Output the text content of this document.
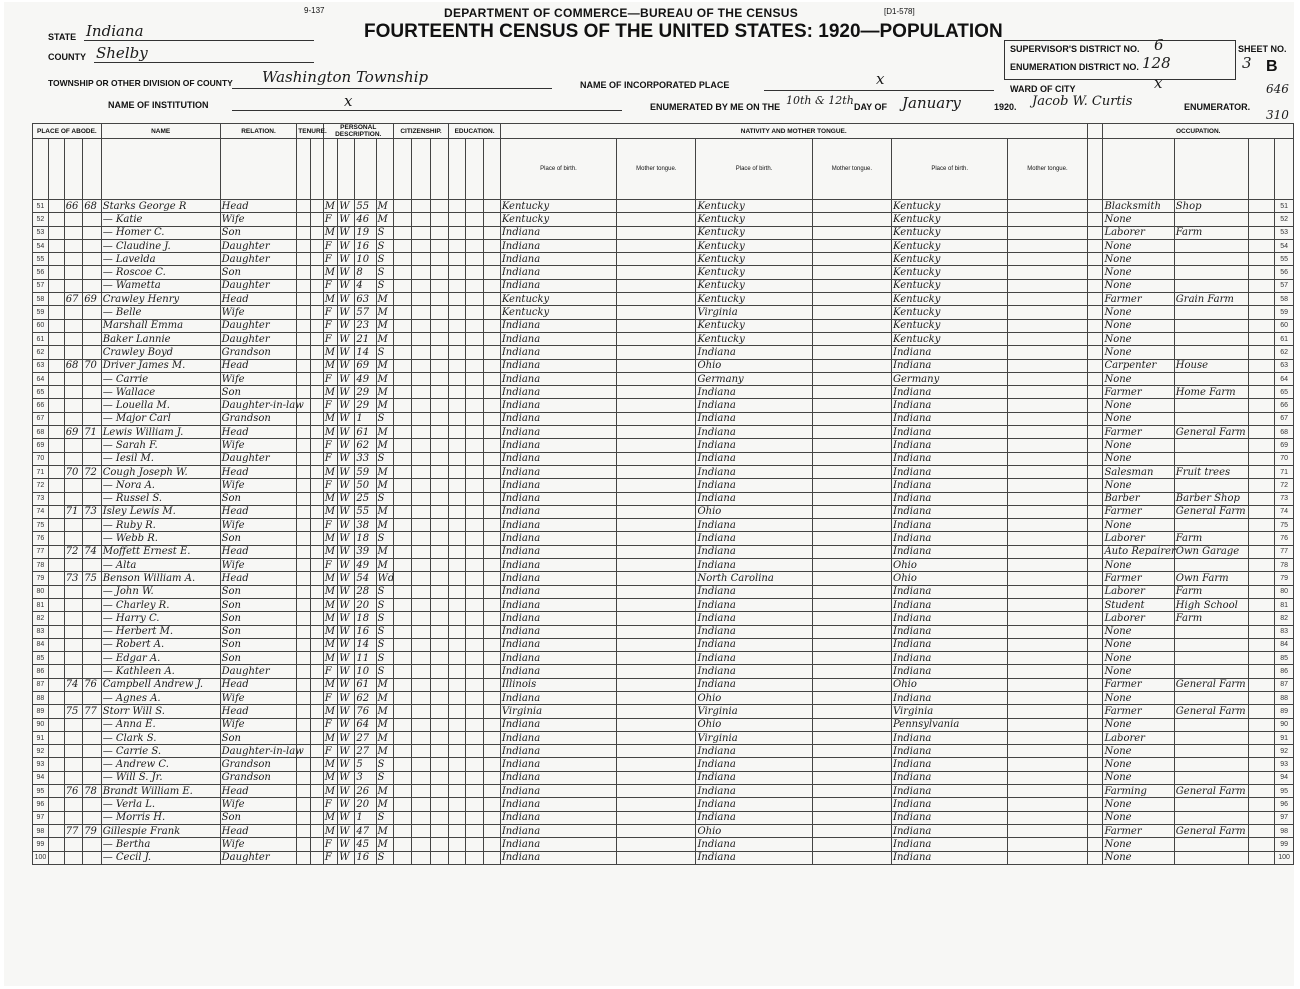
STATE Indiana
COUNTY Shelby
TOWNSHIP OR OTHER DIVISION OF COUNTY Washington Township
NAME OF INSTITUTION	x
9-137	DEPARTMENT OF COMMERCE—BUREAU OF THE CENSUS	[D1-578]
FOURTEENTH CENSUS OF THE UNITED STATES: 1920—POPULATION
NAME OF INCORPORATED PLACE	x
ENUMERATED BY ME ON THE 10th & 12th DAY OF January	1920. Jacob W. Curtis	ENUMERATOR.
SUPERVISOR'S DISTRICT NO. 6
ENUMERATION DISTRICT NO. 128
SHEET NO.
3 B
WARD OF CITY	x	646
310
PLACE OF ABODE.				NAME	RELATION.	TENURE.		PERSONAL DESCRIPTION.				CITIZENSHIP.			EDUCATION.			NATIVITY AND MOTHER TONGUE.							OCCUPATION.			
																		Place of birth.	Mother tongue.	Place of birth.	Mother tongue.	Place of birth.	Mother tongue.					
51		66	68	Starks George R	Head			M	W	55	M							Kentucky		Kentucky		Kentucky			Blacksmith	Shop		51
52				— Katie	Wife			F	W	46	M							Kentucky		Kentucky		Kentucky			None			52
53				— Homer C.	Son			M	W	19	S							Indiana		Kentucky		Kentucky			Laborer	Farm		53
54				— Claudine J.	Daughter			F	W	16	S							Indiana		Kentucky		Kentucky			None			54
55				— Lavelda	Daughter			F	W	10	S							Indiana		Kentucky		Kentucky			None			55
56				— Roscoe C.	Son			M	W	8	S							Indiana		Kentucky		Kentucky			None			56
57				— Wametta	Daughter			F	W	4	S							Indiana		Kentucky		Kentucky			None			57
58		67	69	Crawley Henry	Head			M	W	63	M							Kentucky		Kentucky		Kentucky			Farmer	Grain Farm		58
59				— Belle	Wife			F	W	57	M							Kentucky		Virginia		Kentucky			None			59
60				Marshall Emma	Daughter			F	W	23	M							Indiana		Kentucky		Kentucky			None			60
61				Baker Lannie	Daughter			F	W	21	M							Indiana		Kentucky		Kentucky			None			61
62				Crawley Boyd	Grandson			M	W	14	S							Indiana		Indiana		Indiana			None			62
63		68	70	Driver James M.	Head			M	W	69	M							Indiana		Ohio		Indiana			Carpenter	House		63
64				— Carrie	Wife			F	W	49	M							Indiana		Germany		Germany			None			64
65				— Wallace	Son			M	W	29	M							Indiana		Indiana		Indiana			Farmer	Home Farm		65
66				— Louella M.	Daughter-in-law			F	W	29	M							Indiana		Indiana		Indiana			None			66
67				— Major Carl	Grandson			M	W	1	S							Indiana		Indiana		Indiana			None			67
68		69	71	Lewis William J.	Head			M	W	61	M							Indiana		Indiana		Indiana			Farmer	General Farm		68
69				— Sarah F.	Wife			F	W	62	M							Indiana		Indiana		Indiana			None			69
70				— Iesil M.	Daughter			F	W	33	S							Indiana		Indiana		Indiana			None			70
71		70	72	Cough Joseph W.	Head			M	W	59	M							Indiana		Indiana		Indiana			Salesman	Fruit trees		71
72				— Nora A.	Wife			F	W	50	M							Indiana		Indiana		Indiana			None			72
73				— Russel S.	Son			M	W	25	S							Indiana		Indiana		Indiana			Barber	Barber Shop		73
74		71	73	Isley Lewis M.	Head			M	W	55	M							Indiana		Ohio		Indiana			Farmer	General Farm		74
75				— Ruby R.	Wife			F	W	38	M							Indiana		Indiana		Indiana			None			75
76				— Webb R.	Son			M	W	18	S							Indiana		Indiana		Indiana			Laborer	Farm		76
77		72	74	Moffett Ernest E.	Head			M	W	39	M							Indiana		Indiana		Indiana			Auto Repairer	Own Garage		77
78				— Alta	Wife			F	W	49	M							Indiana		Indiana		Ohio			None			78
79		73	75	Benson William A.	Head			M	W	54	Wd							Indiana		North Carolina		Ohio			Farmer	Own Farm		79
80				— John W.	Son			M	W	28	S							Indiana		Indiana		Indiana			Laborer	Farm		80
81				— Charley R.	Son			M	W	20	S							Indiana		Indiana		Indiana			Student	High School		81
82				— Harry C.	Son			M	W	18	S							Indiana		Indiana		Indiana			Laborer	Farm		82
83				— Herbert M.	Son			M	W	16	S							Indiana		Indiana		Indiana			None			83
84				— Robert A.	Son			M	W	14	S							Indiana		Indiana		Indiana			None			84
85				— Edgar A.	Son			M	W	11	S							Indiana		Indiana		Indiana			None			85
86				— Kathleen A.	Daughter			F	W	10	S							Indiana		Indiana		Indiana			None			86
87		74	76	Campbell Andrew J.	Head			M	W	61	M							Illinois		Indiana		Ohio			Farmer	General Farm		87
88				— Agnes A.	Wife			F	W	62	M							Indiana		Ohio		Indiana			None			88
89		75	77	Storr Will S.	Head			M	W	76	M							Virginia		Virginia		Virginia			Farmer	General Farm		89
90				— Anna E.	Wife			F	W	64	M							Indiana		Ohio		Pennsylvania			None			90
91				— Clark S.	Son			M	W	27	M							Indiana		Virginia		Indiana			Laborer			91
92				— Carrie S.	Daughter-in-law			F	W	27	M							Indiana		Indiana		Indiana			None			92
93				— Andrew C.	Grandson			M	W	5	S							Indiana		Indiana		Indiana			None			93
94				— Will S. Jr.	Grandson			M	W	3	S							Indiana		Indiana		Indiana			None			94
95		76	78	Brandt William E.	Head			M	W	26	M							Indiana		Indiana		Indiana			Farming	General Farm		95
96				— Verla L.	Wife			F	W	20	M							Indiana		Indiana		Indiana			None			96
97				— Morris H.	Son			M	W	1	S							Indiana		Indiana		Indiana			None			97
98		77	79	Gillespie Frank	Head			M	W	47	M							Indiana		Ohio		Indiana			Farmer	General Farm		98
99				— Bertha	Wife			F	W	45	M							Indiana		Indiana		Indiana			None			99
100				— Cecil J.	Daughter			F	W	16	S							Indiana		Indiana		Indiana			None			100
